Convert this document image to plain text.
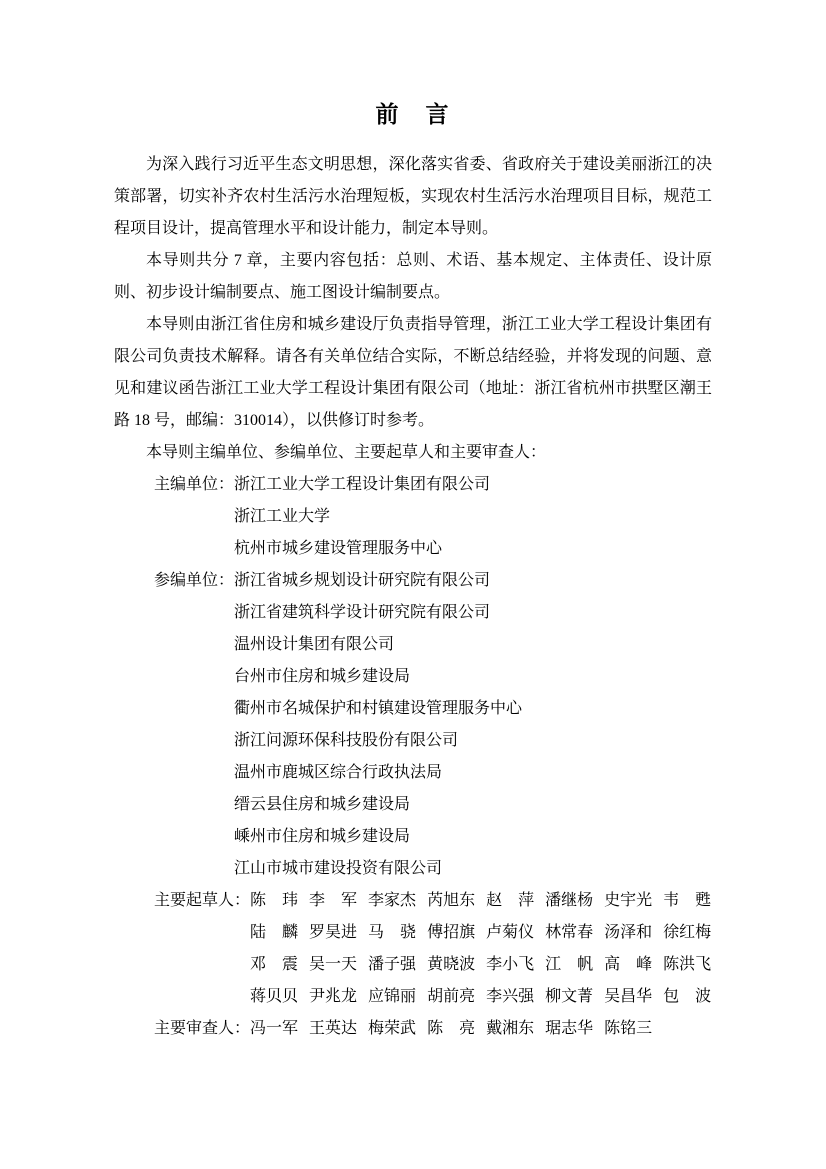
前　言

为深入践行习近平生态文明思想，深化落实省委、省政府关于建设美丽浙江的决策部署，切实补齐农村生活污水治理短板，实现农村生活污水治理项目目标，规范工程项目设计，提高管理水平和设计能力，制定本导则。

本导则共分 7 章，主要内容包括：总则、术语、基本规定、主体责任、设计原则、初步设计编制要点、施工图设计编制要点。

本导则由浙江省住房和城乡建设厅负责指导管理，浙江工业大学工程设计集团有限公司负责技术解释。请各有关单位结合实际，不断总结经验，并将发现的问题、意见和建议函告浙江工业大学工程设计集团有限公司（地址：浙江省杭州市拱墅区潮王路 18 号，邮编：310014），以供修订时参考。

本导则主编单位、参编单位、主要起草人和主要审查人：

主编单位： 浙江工业大学工程设计集团有限公司
浙江工业大学
杭州市城乡建设管理服务中心
参编单位： 浙江省城乡规划设计研究院有限公司
浙江省建筑科学设计研究院有限公司
温州设计集团有限公司
台州市住房和城乡建设局
衢州市名城保护和村镇建设管理服务中心
浙江问源环保科技股份有限公司
温州市鹿城区综合行政执法局
缙云县住房和城乡建设局
嵊州市住房和城乡建设局
江山市城市建设投资有限公司
主要起草人： 陈　玮 李　军 李家杰 芮旭东 赵　萍 潘继杨 史宇光 韦　甦
陆　麟 罗昊进 马　骁 傅招旗 卢菊仪 林常春 汤泽和 徐红梅
邓　震 吴一天 潘子强 黄晓波 李小飞 江　帆 高　峰 陈洪飞
蒋贝贝 尹兆龙 应锦丽 胡前亮 李兴强 柳文菁 吴昌华 包　波
主要审查人： 冯一军 王英达 梅荣武 陈　亮 戴湘东 琚志华 陈铭三
